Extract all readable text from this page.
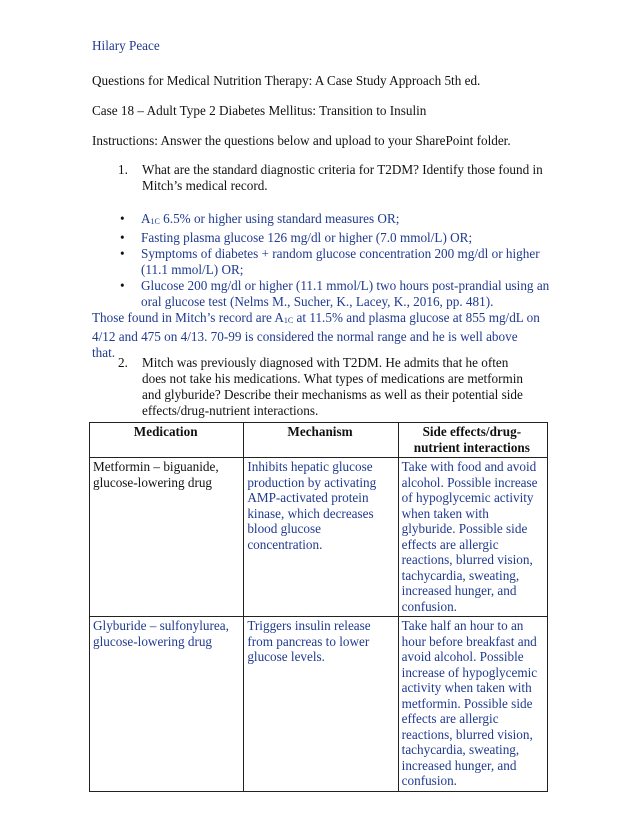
Hilary Peace
Questions for Medical Nutrition Therapy: A Case Study Approach 5th ed.
Case 18 – Adult Type 2 Diabetes Mellitus: Transition to Insulin
Instructions: Answer the questions below and upload to your SharePoint folder.
1. What are the standard diagnostic criteria for T2DM? Identify those found in Mitch’s medical record.
• $A_{1C}$ 6.5% or higher using standard measures OR;
• Fasting plasma glucose 126 mg/dl or higher (7.0 mmol/L) OR;
• Symptoms of diabetes + random glucose concentration 200 mg/dl or higher (11.1 mmol/L) OR;
• Glucose 200 mg/dl or higher (11.1 mmol/L) two hours post-prandial using an oral glucose test (Nelms M., Sucher, K., Lacey, K., 2016, pp. 481).
Those found in Mitch’s record are $A_{1C}$ at 11.5% and plasma glucose at 855 mg/dL on 4/12 and 475 on 4/13. 70-99 is considered the normal range and he is well above that.
2. Mitch was previously diagnosed with T2DM. He admits that he often does not take his medications. What types of medications are metformin and glyburide? Describe their mechanisms as well as their potential side effects/drug-nutrient interactions.
Medication	Mechanism	Side effects/drug-nutrient interactions
Metformin – biguanide, glucose-lowering drug	Inhibits hepatic glucose production by activating AMP-activated protein kinase, which decreases blood glucose concentration.	Take with food and avoid alcohol. Possible increase of hypoglycemic activity when taken with glyburide. Possible side effects are allergic reactions, blurred vision, tachycardia, sweating, increased hunger, and confusion.
Glyburide – sulfonylurea, glucose-lowering drug	Triggers insulin release from pancreas to lower glucose levels.	Take half an hour to an hour before breakfast and avoid alcohol. Possible increase of hypoglycemic activity when taken with metformin. Possible side effects are allergic reactions, blurred vision, tachycardia, sweating, increased hunger, and confusion.
